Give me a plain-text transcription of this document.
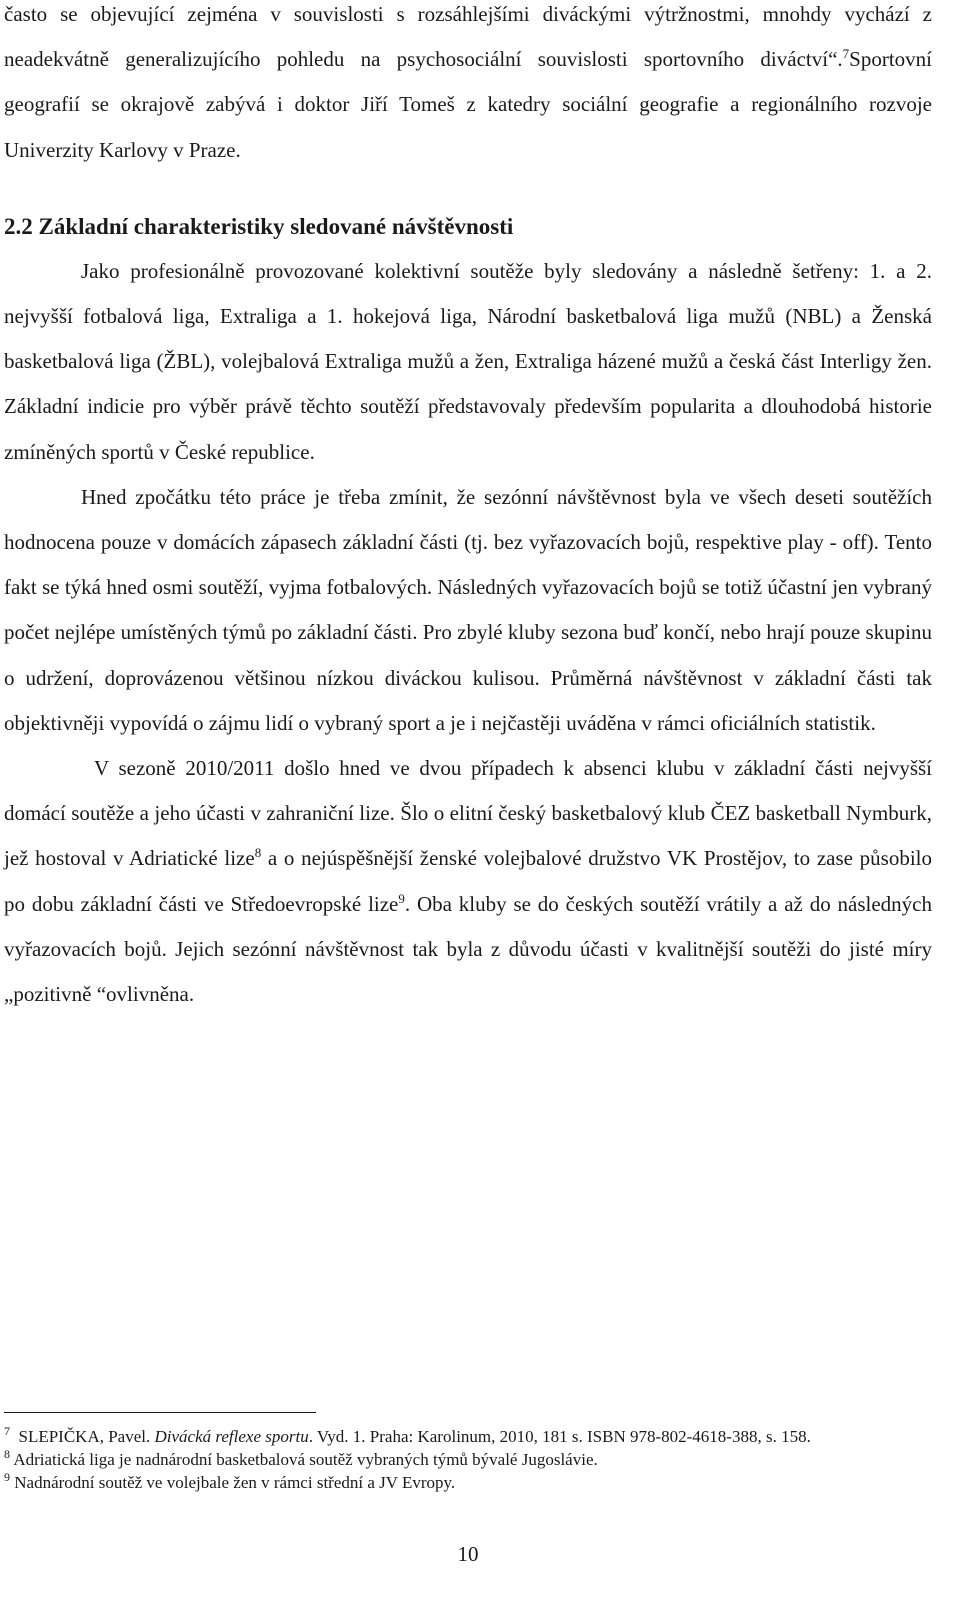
často se objevující zejména v souvislosti s rozsáhlejšími diváckými výtržnostmi, mnohdy vychází z neadekvátně generalizujícího pohledu na psychosociální souvislosti sportovního diváctví“.$^7$Sportovní geografií se okrajově zabývá i doktor Jiří Tomeš z katedry sociální geografie a regionálního rozvoje Univerzity Karlovy v Praze.

2.2 Základní charakteristiky sledované návštěvnosti

Jako profesionálně provozované kolektivní soutěže byly sledovány a následně šetřeny: 1. a 2. nejvyšší fotbalová liga, Extraliga a 1. hokejová liga, Národní basketbalová liga mužů (NBL) a Ženská basketbalová liga (ŽBL), volejbalová Extraliga mužů a žen, Extraliga házené mužů a česká část Interligy žen. Základní indicie pro výběr právě těchto soutěží představovaly především popularita a dlouhodobá historie zmíněných sportů v České republice.

Hned zpočátku této práce je třeba zmínit, že sezónní návštěvnost byla ve všech deseti soutěžích hodnocena pouze v domácích zápasech základní části (tj. bez vyřazovacích bojů, respektive play - off). Tento fakt se týká hned osmi soutěží, vyjma fotbalových. Následných vyřazovacích bojů se totiž účastní jen vybraný počet nejlépe umístěných týmů po základní části. Pro zbylé kluby sezona buď končí, nebo hrají pouze skupinu o udržení, doprovázenou většinou nízkou diváckou kulisou. Průměrná návštěvnost v základní části tak objektivněji vypovídá o zájmu lidí o vybraný sport a je i nejčastěji uváděna v rámci oficiálních statistik.

V sezoně 2010/2011 došlo hned ve dvou případech k absenci klubu v základní části nejvyšší domácí soutěže a jeho účasti v zahraniční lize. Šlo o elitní český basketbalový klub ČEZ basketball Nymburk, jež hostoval v Adriatické lize$^8$ a o nejúspěšnější ženské volejbalové družstvo VK Prostějov, to zase působilo po dobu základní části ve Středoevropské lize$^9$. Oba kluby se do českých soutěží vrátily a až do následných vyřazovacích bojů. Jejich sezónní návštěvnost tak byla z důvodu účasti v kvalitnější soutěži do jisté míry „pozitivně “ovlivněna.

$^7$ SLEPIČKA, Pavel. Divácká reflexe sportu. Vyd. 1. Praha: Karolinum, 2010, 181 s. ISBN 978-802-4618-388, s. 158.

$^8$ Adriatická liga je nadnárodní basketbalová soutěž vybraných týmů bývalé Jugoslávie.

$^9$ Nadnárodní soutěž ve volejbale žen v rámci střední a JV Evropy.

10
